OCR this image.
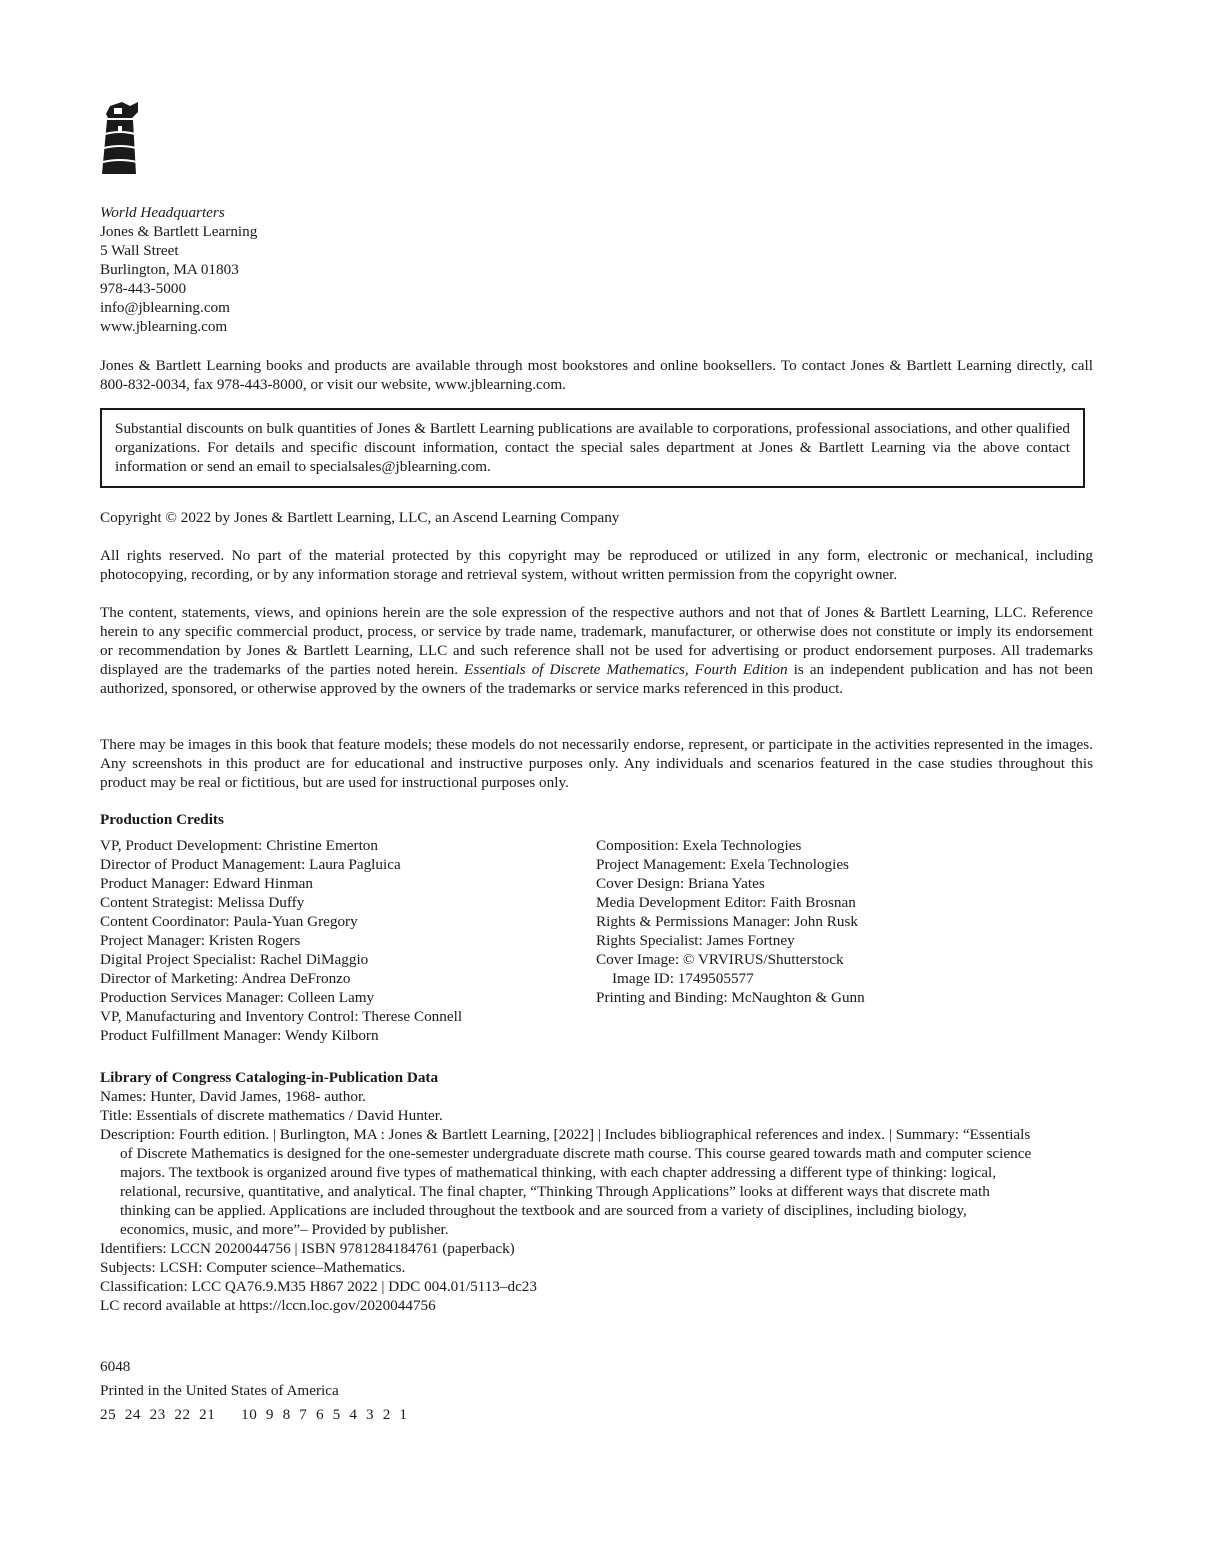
World Headquarters
Jones & Bartlett Learning
5 Wall Street
Burlington, MA 01803
978-443-5000
info@jblearning.com
www.jblearning.com
Jones & Bartlett Learning books and products are available through most bookstores and online booksellers. To contact Jones & Bartlett Learning directly, call 800-832-0034, fax 978-443-8000, or visit our website, www.jblearning.com.
Substantial discounts on bulk quantities of Jones & Bartlett Learning publications are available to corporations, professional associations, and other qualified organizations. For details and specific discount information, contact the special sales department at Jones & Bartlett Learning via the above contact information or send an email to specialsales@jblearning.com.
Copyright © 2022 by Jones & Bartlett Learning, LLC, an Ascend Learning Company
All rights reserved. No part of the material protected by this copyright may be reproduced or utilized in any form, electronic or mechanical, including photocopying, recording, or by any information storage and retrieval system, without written permission from the copyright owner.
The content, statements, views, and opinions herein are the sole expression of the respective authors and not that of Jones & Bartlett Learning, LLC. Reference herein to any specific commercial product, process, or service by trade name, trademark, manufacturer, or otherwise does not constitute or imply its endorsement or recommendation by Jones & Bartlett Learning, LLC and such reference shall not be used for advertising or product endorsement purposes. All trademarks displayed are the trademarks of the parties noted herein. Essentials of Discrete Mathematics, Fourth Edition is an independent publication and has not been authorized, sponsored, or otherwise approved by the owners of the trademarks or service marks referenced in this product.
There may be images in this book that feature models; these models do not necessarily endorse, represent, or participate in the activities represented in the images. Any screenshots in this product are for educational and instructive purposes only. Any individuals and scenarios featured in the case studies throughout this product may be real or fictitious, but are used for instructional purposes only.
Production Credits
VP, Product Development: Christine Emerton
Director of Product Management: Laura Pagluica
Product Manager: Edward Hinman
Content Strategist: Melissa Duffy
Content Coordinator: Paula-Yuan Gregory
Project Manager: Kristen Rogers
Digital Project Specialist: Rachel DiMaggio
Director of Marketing: Andrea DeFronzo
Production Services Manager: Colleen Lamy
VP, Manufacturing and Inventory Control: Therese Connell
Product Fulfillment Manager: Wendy Kilborn
Composition: Exela Technologies
Project Management: Exela Technologies
Cover Design: Briana Yates
Media Development Editor: Faith Brosnan
Rights & Permissions Manager: John Rusk
Rights Specialist: James Fortney
Cover Image: © VRVIRUS/Shutterstock
Image ID: 1749505577
Printing and Binding: McNaughton & Gunn
Library of Congress Cataloging-in-Publication Data
Names: Hunter, David James, 1968- author.
Title: Essentials of discrete mathematics / David Hunter.
Description: Fourth edition. | Burlington, MA : Jones & Bartlett Learning, [2022] | Includes bibliographical references and index. | Summary: “Essentials of Discrete Mathematics is designed for the one-semester undergraduate discrete math course. This course geared towards math and computer science majors. The textbook is organized around five types of mathematical thinking, with each chapter addressing a different type of thinking: logical, relational, recursive, quantitative, and analytical. The final chapter, “Thinking Through Applications” looks at different ways that discrete math thinking can be applied. Applications are included throughout the textbook and are sourced from a variety of disciplines, including biology, economics, music, and more”– Provided by publisher.
Identifiers: LCCN 2020044756 | ISBN 9781284184761 (paperback)
Subjects: LCSH: Computer science–Mathematics.
Classification: LCC QA76.9.M35 H867 2022 | DDC 004.01/5113–dc23
LC record available at https://lccn.loc.gov/2020044756
6048
Printed in the United States of America
25  24  23  22  21      10  9  8  7  6  5  4  3  2  1
